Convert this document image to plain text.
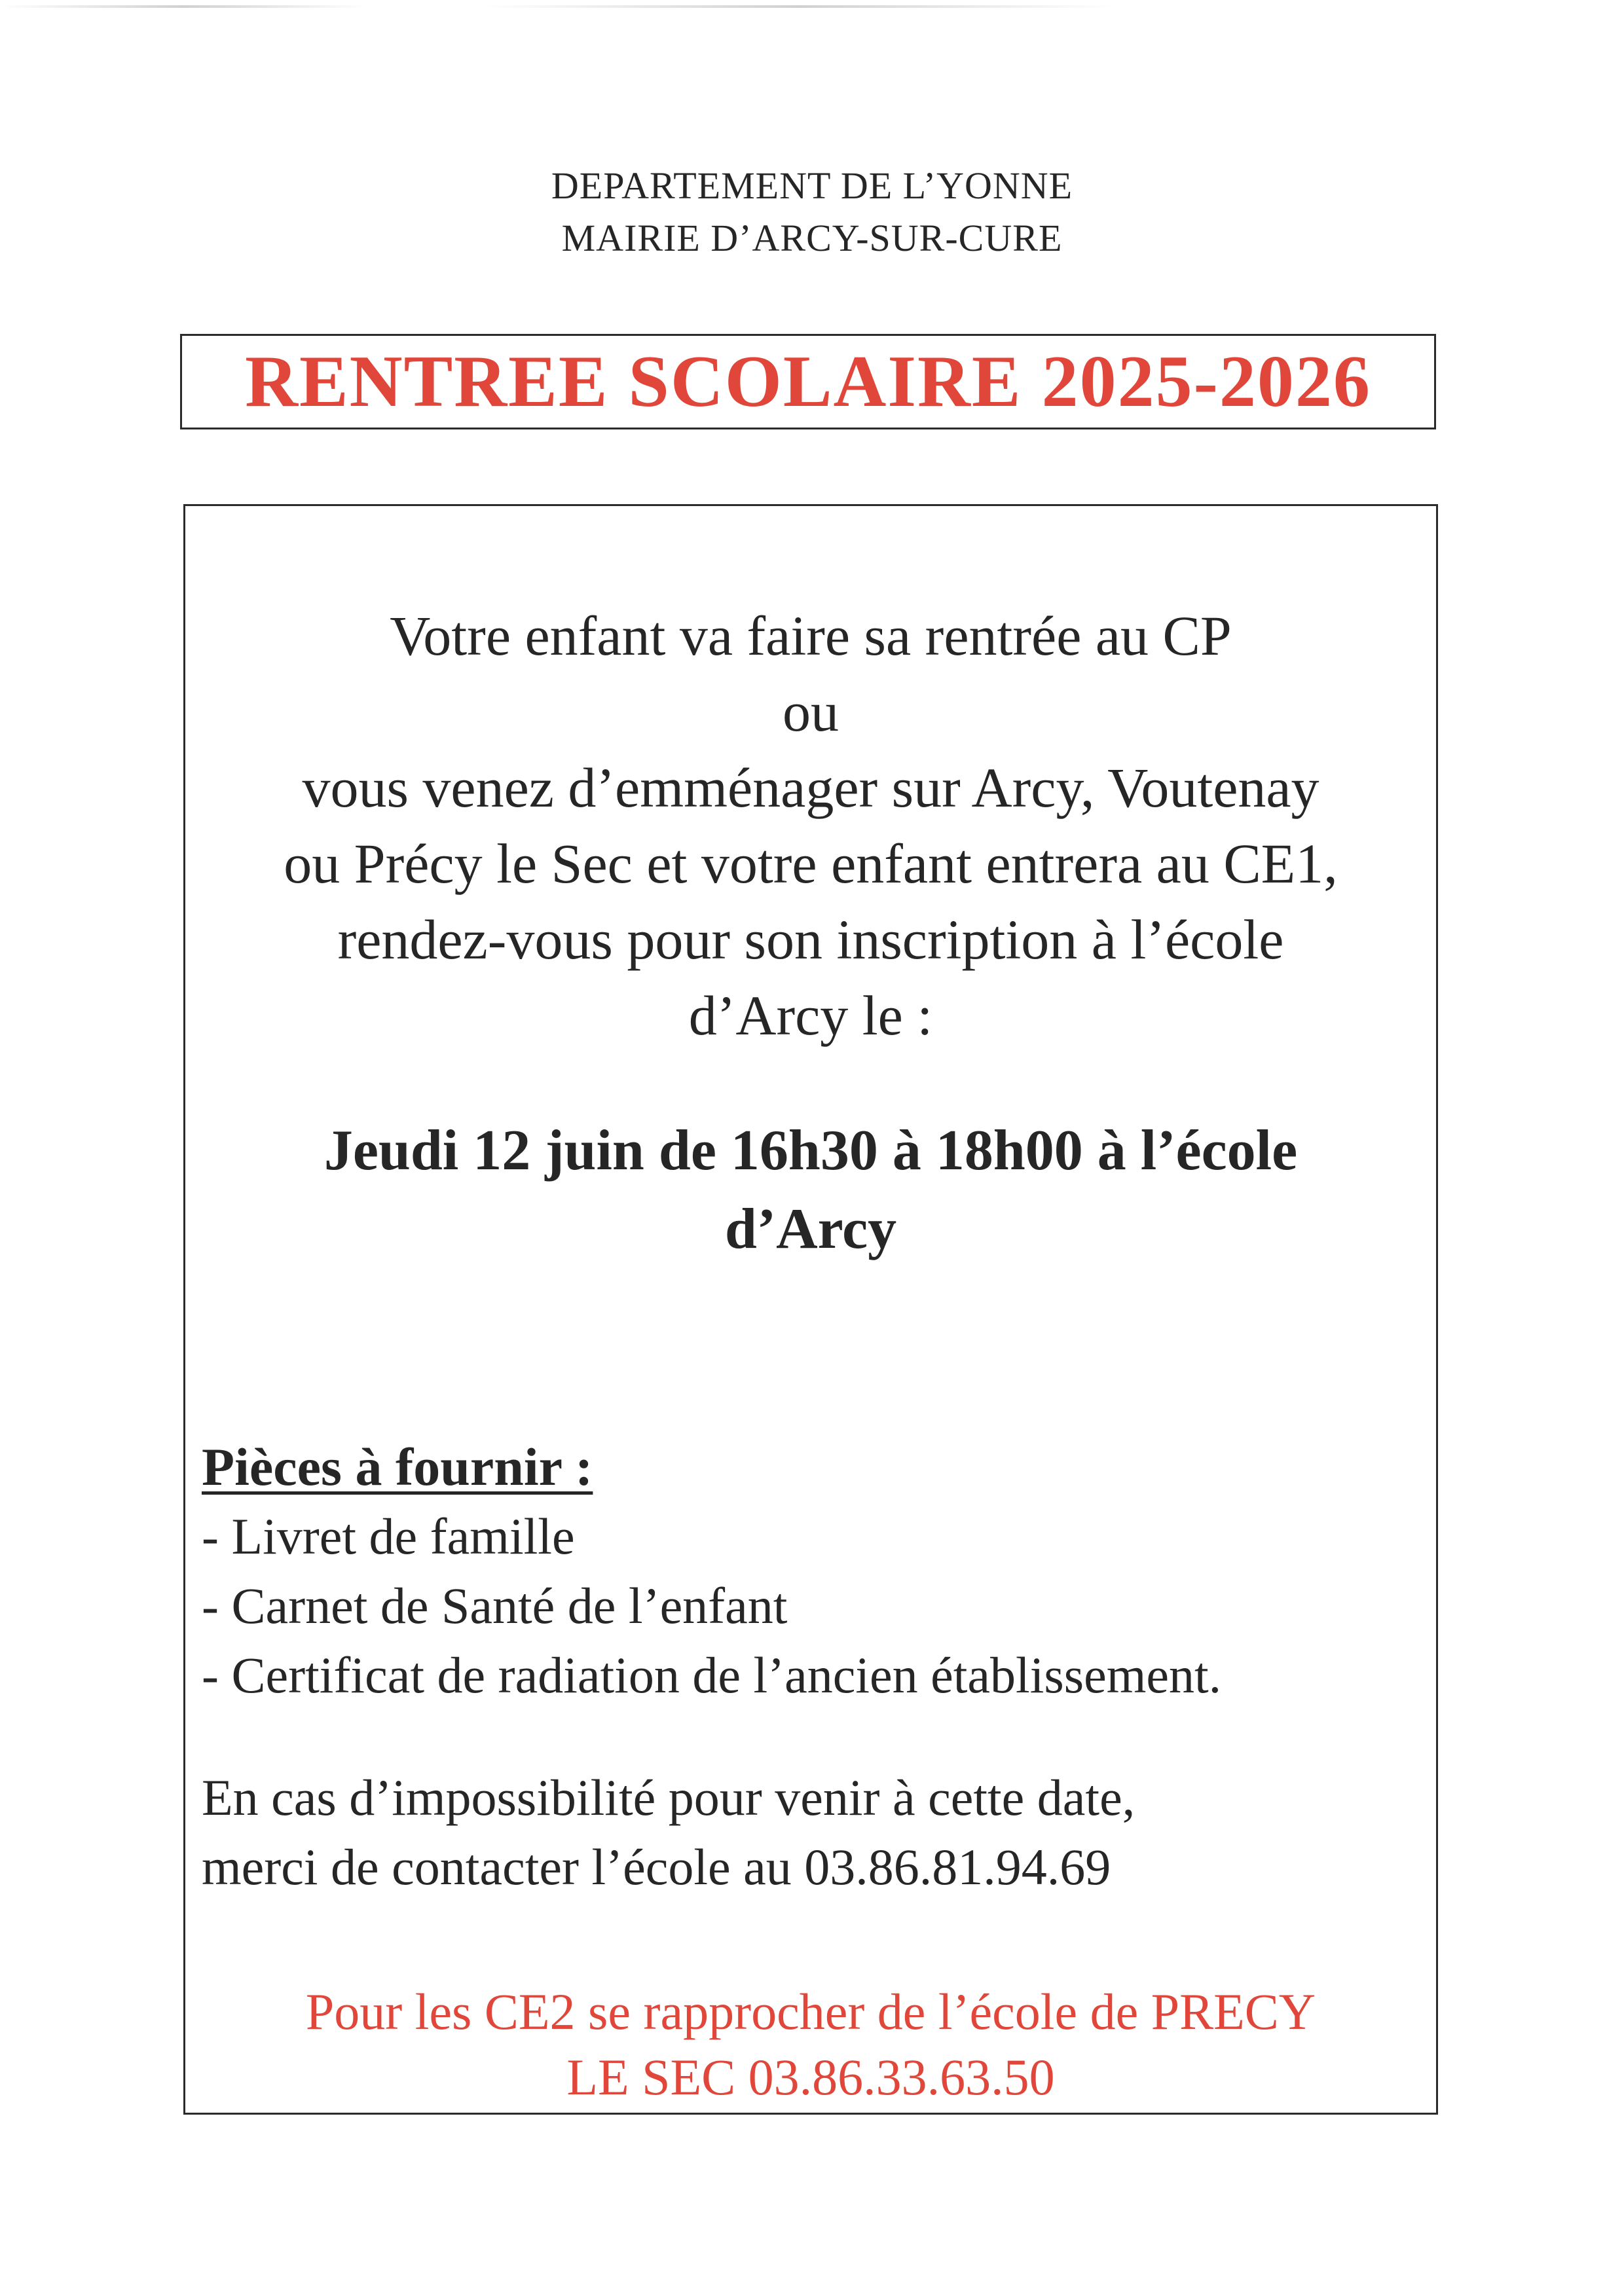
DEPARTEMENT DE L’YONNE
MAIRIE D’ARCY-SUR-CURE
RENTREE SCOLAIRE 2025-2026
Votre enfant va faire sa rentrée au CP
ou
vous venez d’emménager sur Arcy, Voutenay
ou Précy le Sec et votre enfant entrera au CE1,
rendez-vous pour son inscription à l’école
d’Arcy le :
Jeudi 12 juin de 16h30 à 18h00 à l’école
d’Arcy
Pièces à fournir :
- Livret de famille
- Carnet de Santé de l’enfant
- Certificat de radiation de l’ancien établissement.
En cas d’impossibilité pour venir à cette date,
merci de contacter l’école au 03.86.81.94.69
Pour les CE2 se rapprocher de l’école de PRECY
LE SEC 03.86.33.63.50
